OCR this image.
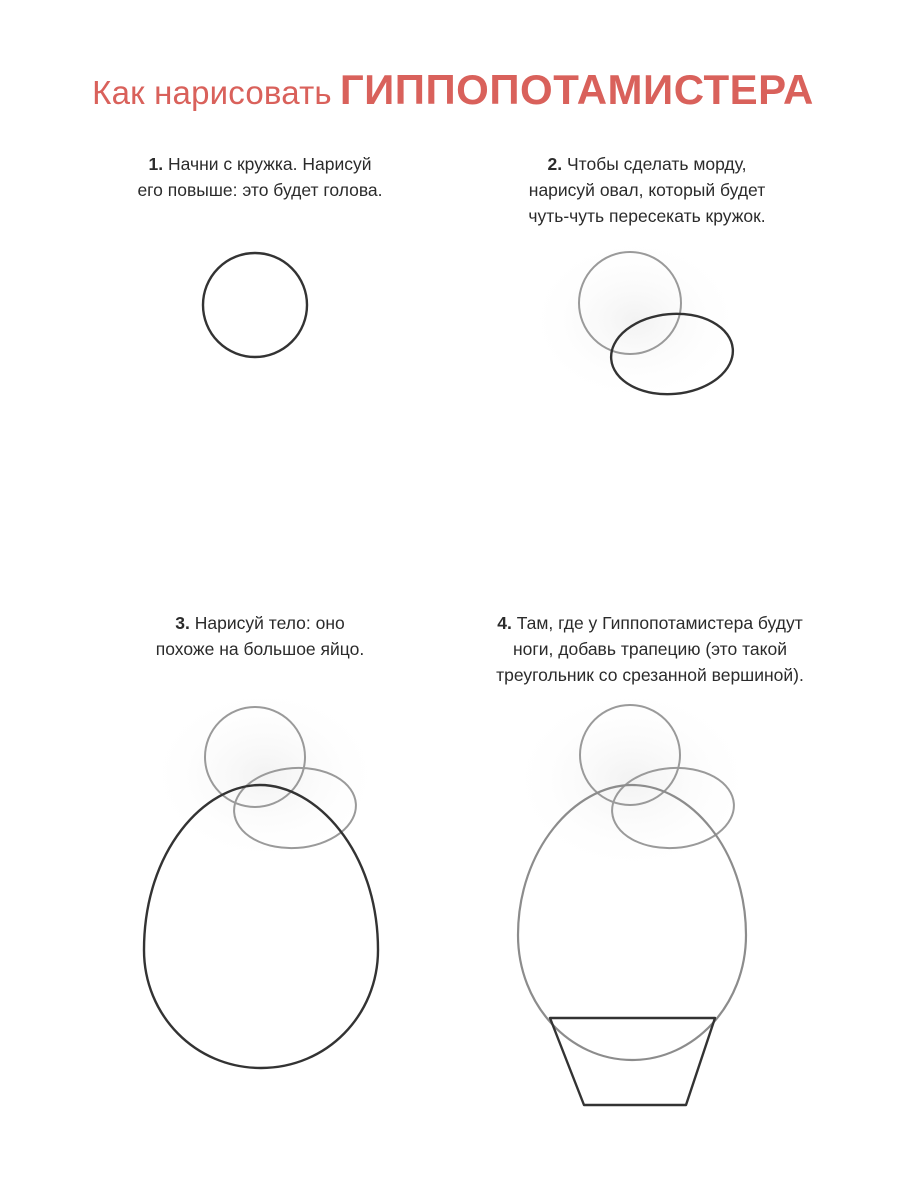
Как нарисовать ГИППОПОТАМИСТЕРА
1. Начни с кружка. Нарисуй
его повыше: это будет голова.
2. Чтобы сделать морду,
нарисуй овал, который будет
чуть-чуть пересекать кружок.
3. Нарисуй тело: оно
похоже на большое яйцо.
4. Там, где у Гиппопотамистера будут
ноги, добавь трапецию (это такой
треугольник со срезанной вершиной).
